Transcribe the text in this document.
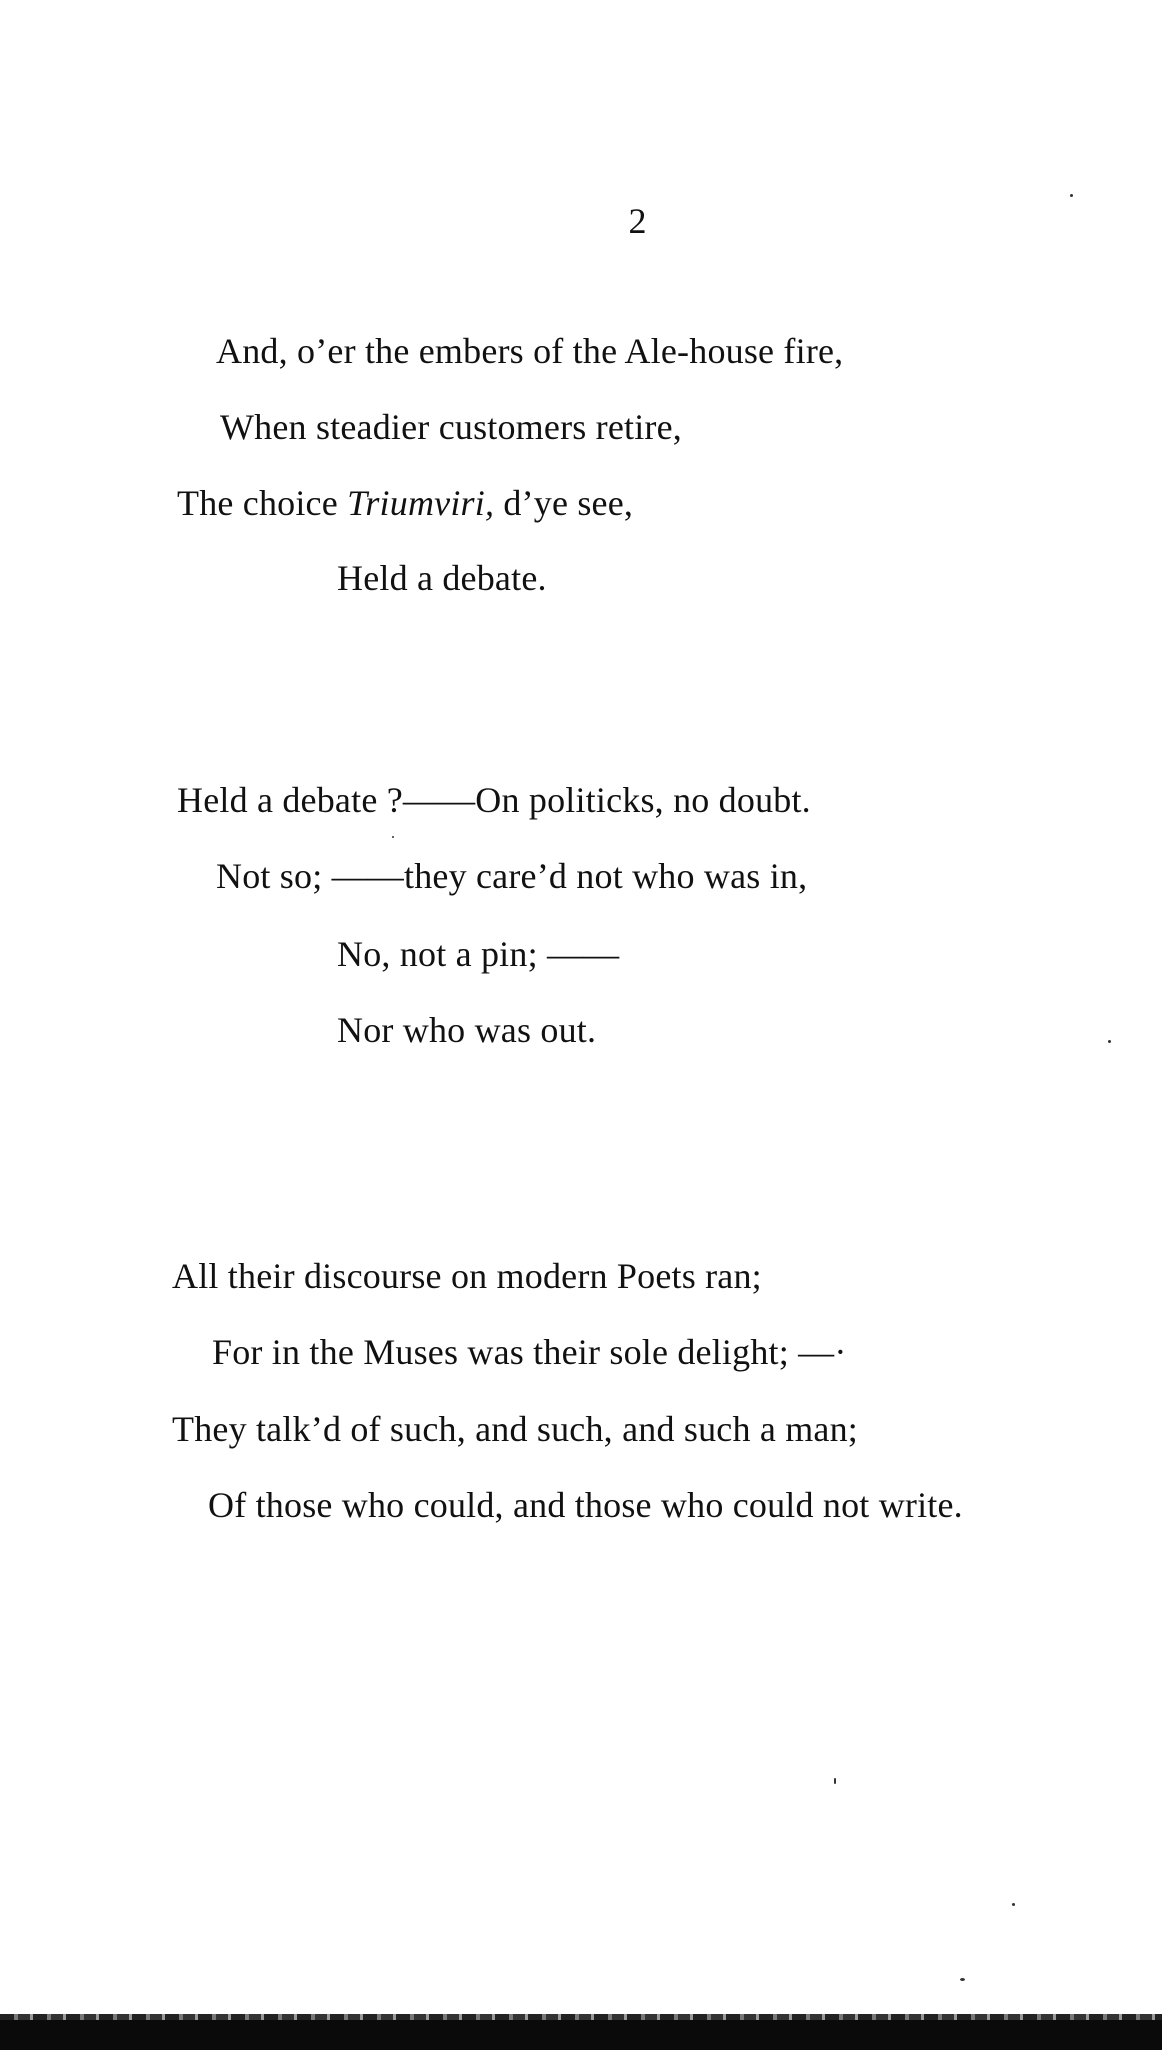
2
And, o’er the embers of the Ale-house fire,
When steadier customers retire,
The choice Triumviri, d’ye see,
Held a debate.
Held a debate ?——On politicks, no doubt.
Not so; ——they care’d not who was in,
No, not a pin; ——
Nor who was out.
All their discourse on modern Poets ran;
For in the Muses was their sole delight; —·
They talk’d of such, and such, and such a man;
Of those who could, and those who could not write.
